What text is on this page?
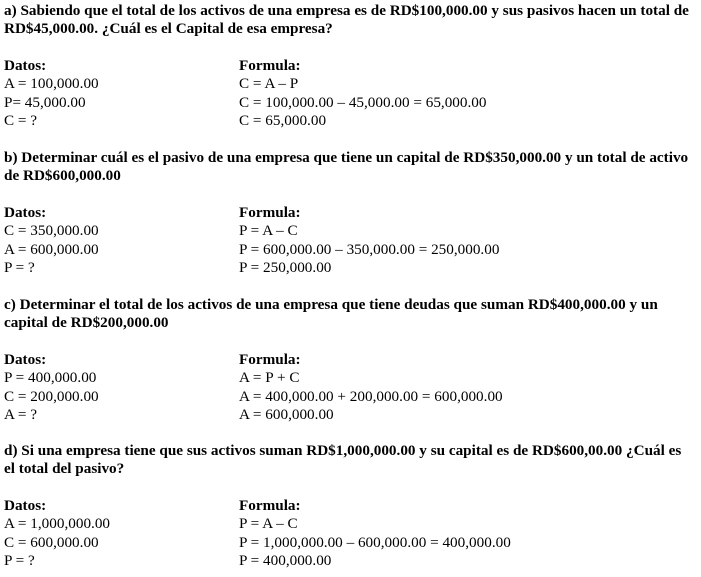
a) Sabiendo que el total de los activos de una empresa es de RD$100,000.00 y sus pasivos hacen un total de RD$45,000.00. ¿Cuál es el Capital de esa empresa?

Datos:
A = 100,000.00
P= 45,000.00
C = ?
Formula:
C = A – P
C = 100,000.00 – 45,000.00 = 65,000.00
C = 65,000.00

b) Determinar cuál es el pasivo de una empresa que tiene un capital de RD$350,000.00 y un total de activo de RD$600,000.00

Datos:
C = 350,000.00
A = 600,000.00
P = ?
Formula:
P = A – C
P = 600,000.00 – 350,000.00 = 250,000.00
P = 250,000.00

c) Determinar el total de los activos de una empresa que tiene deudas que suman RD$400,000.00 y un capital de RD$200,000.00

Datos:
P = 400,000.00
C = 200,000.00
A = ?
Formula:
A = P + C
A = 400,000.00 + 200,000.00 = 600,000.00
A = 600,000.00

d) Si una empresa tiene que sus activos suman RD$1,000,000.00 y su capital es de RD$600,00.00 ¿Cuál es el total del pasivo?

Datos:
A = 1,000,000.00
C = 600,000.00
P = ?
Formula:
P = A – C
P = 1,000,000.00 – 600,000.00 = 400,000.00
P = 400,000.00
